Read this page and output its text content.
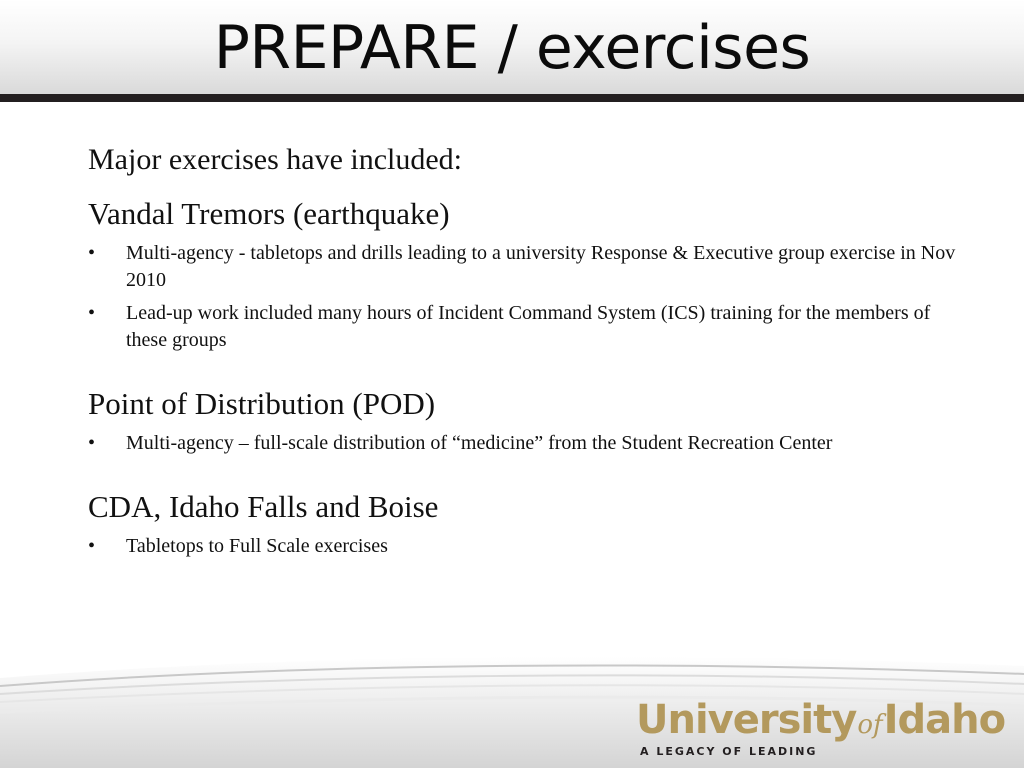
PREPARE / exercises
Major exercises have included:
Vandal Tremors (earthquake)
• Multi-agency - tabletops and drills leading to a university Response & Executive group exercise in Nov 2010
• Lead-up work included many hours of Incident Command System (ICS) training for the members of these groups
Point of Distribution (POD)
• Multi-agency – full-scale distribution of “medicine” from the Student Recreation Center
CDA, Idaho Falls and Boise
• Tabletops to Full Scale exercises
UniversityofIdaho
A LEGACY OF LEADING
